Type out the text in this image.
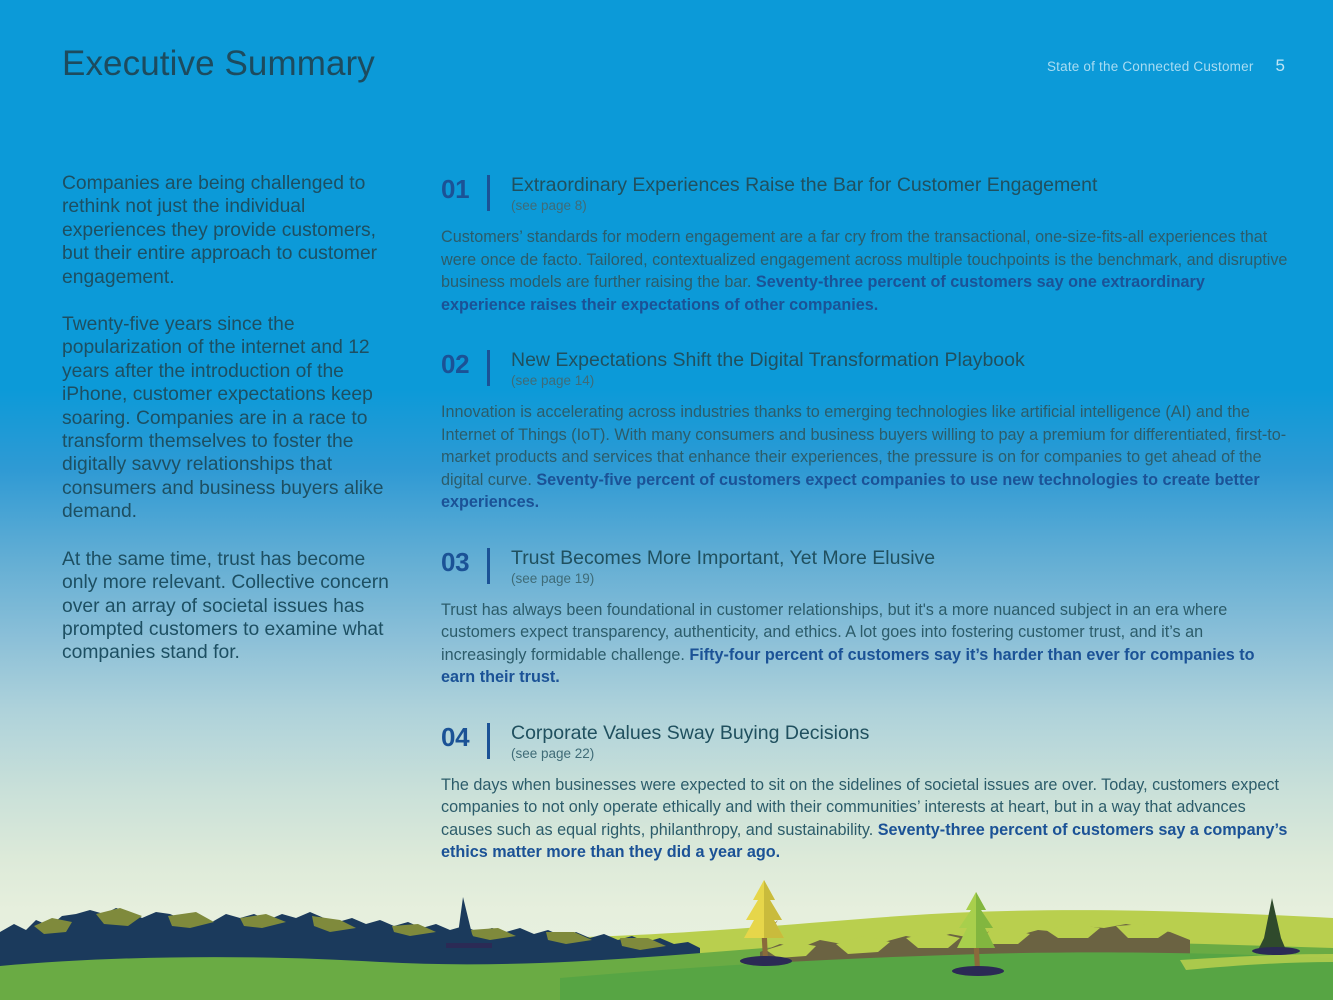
Executive Summary	State of the Connected Customer 5

Companies are being challenged to rethink not just the individual experiences they provide customers, but their entire approach to customer engagement.

Twenty-five years since the popularization of the internet and 12 years after the introduction of the iPhone, customer expectations keep soaring. Companies are in a race to transform themselves to foster the digitally savvy relationships that consumers and business buyers alike demand.

At the same time, trust has become only more relevant. Collective concern over an array of societal issues has prompted customers to examine what companies stand for.

01	Extraordinary Experiences Raise the Bar for Customer Engagement
(see page 8)
Customers’ standards for modern engagement are a far cry from the transactional, one-size-fits-all experiences that were once de facto. Tailored, contextualized engagement across multiple touchpoints is the benchmark, and disruptive business models are further raising the bar. Seventy-three percent of customers say one extraordinary experience raises their expectations of other companies.
02	New Expectations Shift the Digital Transformation Playbook
(see page 14)
Innovation is accelerating across industries thanks to emerging technologies like artificial intelligence (AI) and the Internet of Things (IoT). With many consumers and business buyers willing to pay a premium for differentiated, first-to-market products and services that enhance their experiences, the pressure is on for companies to get ahead of the digital curve. Seventy-five percent of customers expect companies to use new technologies to create better experiences.
03	Trust Becomes More Important, Yet More Elusive
(see page 19)
Trust has always been foundational in customer relationships, but it's a more nuanced subject in an era where customers expect transparency, authenticity, and ethics. A lot goes into fostering customer trust, and it’s an increasingly formidable challenge. Fifty-four percent of customers say it’s harder than ever for companies to earn their trust.
04	Corporate Values Sway Buying Decisions
(see page 22)
The days when businesses were expected to sit on the sidelines of societal issues are over. Today, customers expect companies to not only operate ethically and with their communities’ interests at heart, but in a way that advances causes such as equal rights, philanthropy, and sustainability. Seventy-three percent of customers say a company’s ethics matter more than they did a year ago.
